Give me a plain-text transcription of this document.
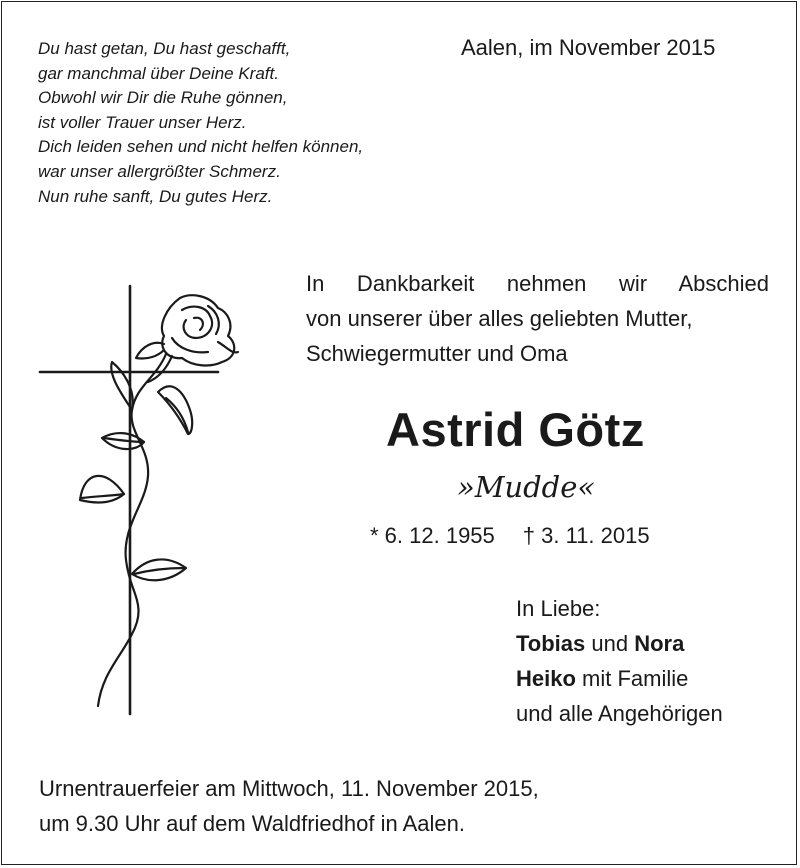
Du hast getan, Du hast geschafft,
gar manchmal über Deine Kraft.
Obwohl wir Dir die Ruhe gönnen,
ist voller Trauer unser Herz.
Dich leiden sehen und nicht helfen können,
war unser allergrößter Schmerz.
Nun ruhe sanft, Du gutes Herz.
Aalen, im November 2015
In Dankbarkeit nehmen wir Abschied
von unserer über alles geliebten Mutter,
Schwiegermutter und Oma
Astrid Götz
»Mudde«
* 6. 12. 1955 † 3. 11. 2015
In Liebe:
Tobias und Nora
Heiko mit Familie
und alle Angehörigen
Urnentrauerfeier am Mittwoch, 11. November 2015,
um 9.30 Uhr auf dem Waldfriedhof in Aalen.
